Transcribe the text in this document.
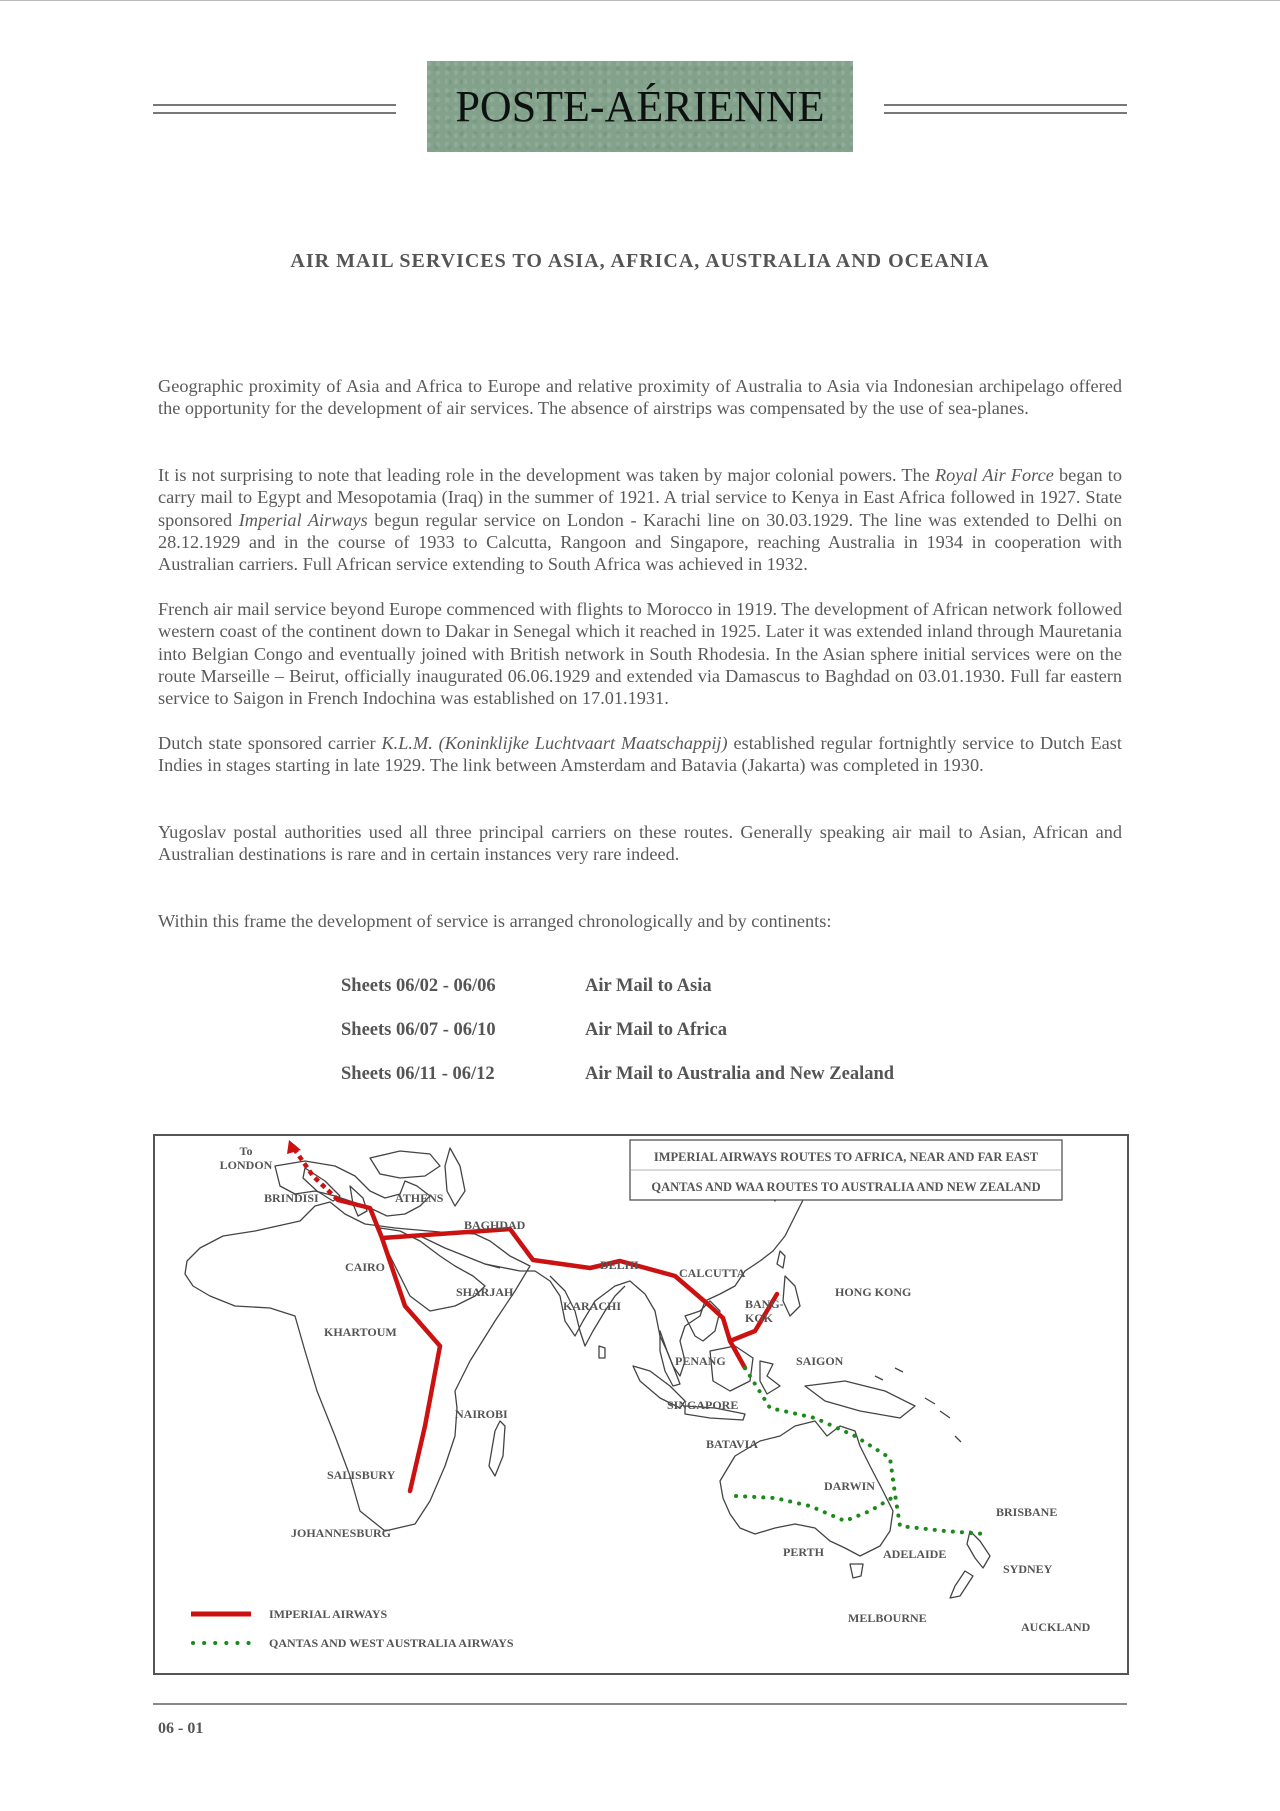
POSTE-AÉRIENNE
AIR MAIL SERVICES TO ASIA, AFRICA, AUSTRALIA AND OCEANIA

Geographic proximity of Asia and Africa to Europe and relative proximity of Australia to Asia via Indonesian archipelago offered the opportunity for the development of air services. The absence of airstrips was compensated by the use of sea-planes.

It is not surprising to note that leading role in the development was taken by major colonial powers. The Royal Air Force began to carry mail to Egypt and Mesopotamia (Iraq) in the summer of 1921. A trial service to Kenya in East Africa followed in 1927. State sponsored Imperial Airways begun regular service on London - Karachi line on 30.03.1929. The line was extended to Delhi on 28.12.1929 and in the course of 1933 to Calcutta, Rangoon and Singapore, reaching Australia in 1934 in cooperation with Australian carriers. Full African service extending to South Africa was achieved in 1932.

French air mail service beyond Europe commenced with flights to Morocco in 1919. The development of African network followed western coast of the continent down to Dakar in Senegal which it reached in 1925. Later it was extended inland through Mauretania into Belgian Congo and eventually joined with British network in South Rhodesia. In the Asian sphere initial services were on the route Marseille – Beirut, officially inaugurated 06.06.1929 and extended via Damascus to Baghdad on 03.01.1930. Full far eastern service to Saigon in French Indochina was established on 17.01.1931.

Dutch state sponsored carrier K.L.M. (Koninklijke Luchtvaart Maatschappij) established regular fortnightly service to Dutch East Indies in stages starting in late 1929. The link between Amsterdam and Batavia (Jakarta) was completed in 1930.

Yugoslav postal authorities used all three principal carriers on these routes. Generally speaking air mail to Asian, African and Australian destinations is rare and in certain instances very rare indeed.

Within this frame the development of service is arranged chronologically and by continents:

Sheets 06/02 - 06/06	Air Mail to Asia
Sheets 06/07 - 06/10	Air Mail to Africa
Sheets 06/11 - 06/12	Air Mail to Australia and New Zealand
IMPERIAL AIRWAYS ROUTES TO AFRICA, NEAR AND FAR EAST
QANTAS AND WAA ROUTES TO AUSTRALIA AND NEW ZEALAND
To
LONDON
BRINDISI	ATHENS
BAGHDAD
CAIRO
SHARJAH
DELHI
CALCUTTA
KARACHI
HONG KONG
BANG-
KOK
KHARTOUM
PENANG	SAIGON
SINGAPORE
NAIROBI
BATAVIA
DARWIN
SALISBURY
BRISBANE
JOHANNESBURG
PERTH	ADELAIDE
SYDNEY
MELBOURNE
AUCKLAND
IMPERIAL AIRWAYS
QANTAS AND WEST AUSTRALIA AIRWAYS
06 - 01
